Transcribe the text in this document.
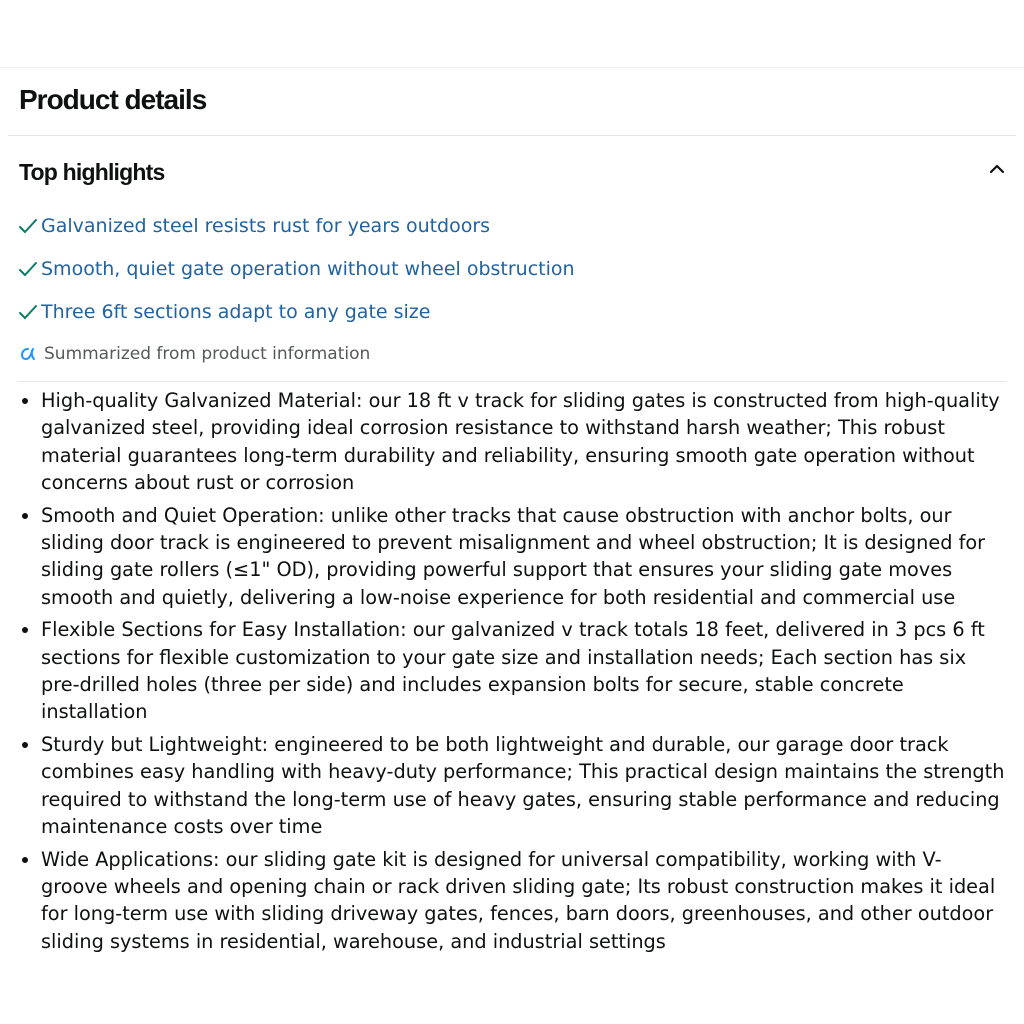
Product details
Top highlights
Galvanized steel resists rust for years outdoors
Smooth, quiet gate operation without wheel obstruction
Three 6ft sections adapt to any gate size
Summarized from product information
High-quality Galvanized Material: our 18 ft v track for sliding gates is constructed from high-quality galvanized steel, providing ideal corrosion resistance to withstand harsh weather; This robust material guarantees long-term durability and reliability, ensuring smooth gate operation without concerns about rust or corrosion
Smooth and Quiet Operation: unlike other tracks that cause obstruction with anchor bolts, our sliding door track is engineered to prevent misalignment and wheel obstruction; It is designed for sliding gate rollers (≤1" OD), providing powerful support that ensures your sliding gate moves smooth and quietly, delivering a low-noise experience for both residential and commercial use
Flexible Sections for Easy Installation: our galvanized v track totals 18 feet, delivered in 3 pcs 6 ft sections for flexible customization to your gate size and installation needs; Each section has six pre-drilled holes (three per side) and includes expansion bolts for secure, stable concrete installation
Sturdy but Lightweight: engineered to be both lightweight and durable, our garage door track combines easy handling with heavy-duty performance; This practical design maintains the strength required to withstand the long-term use of heavy gates, ensuring stable performance and reducing maintenance costs over time
Wide Applications: our sliding gate kit is designed for universal compatibility, working with V-groove wheels and opening chain or rack driven sliding gate; Its robust construction makes it ideal for long-term use with sliding driveway gates, fences, barn doors, greenhouses, and other outdoor sliding systems in residential, warehouse, and industrial settings
